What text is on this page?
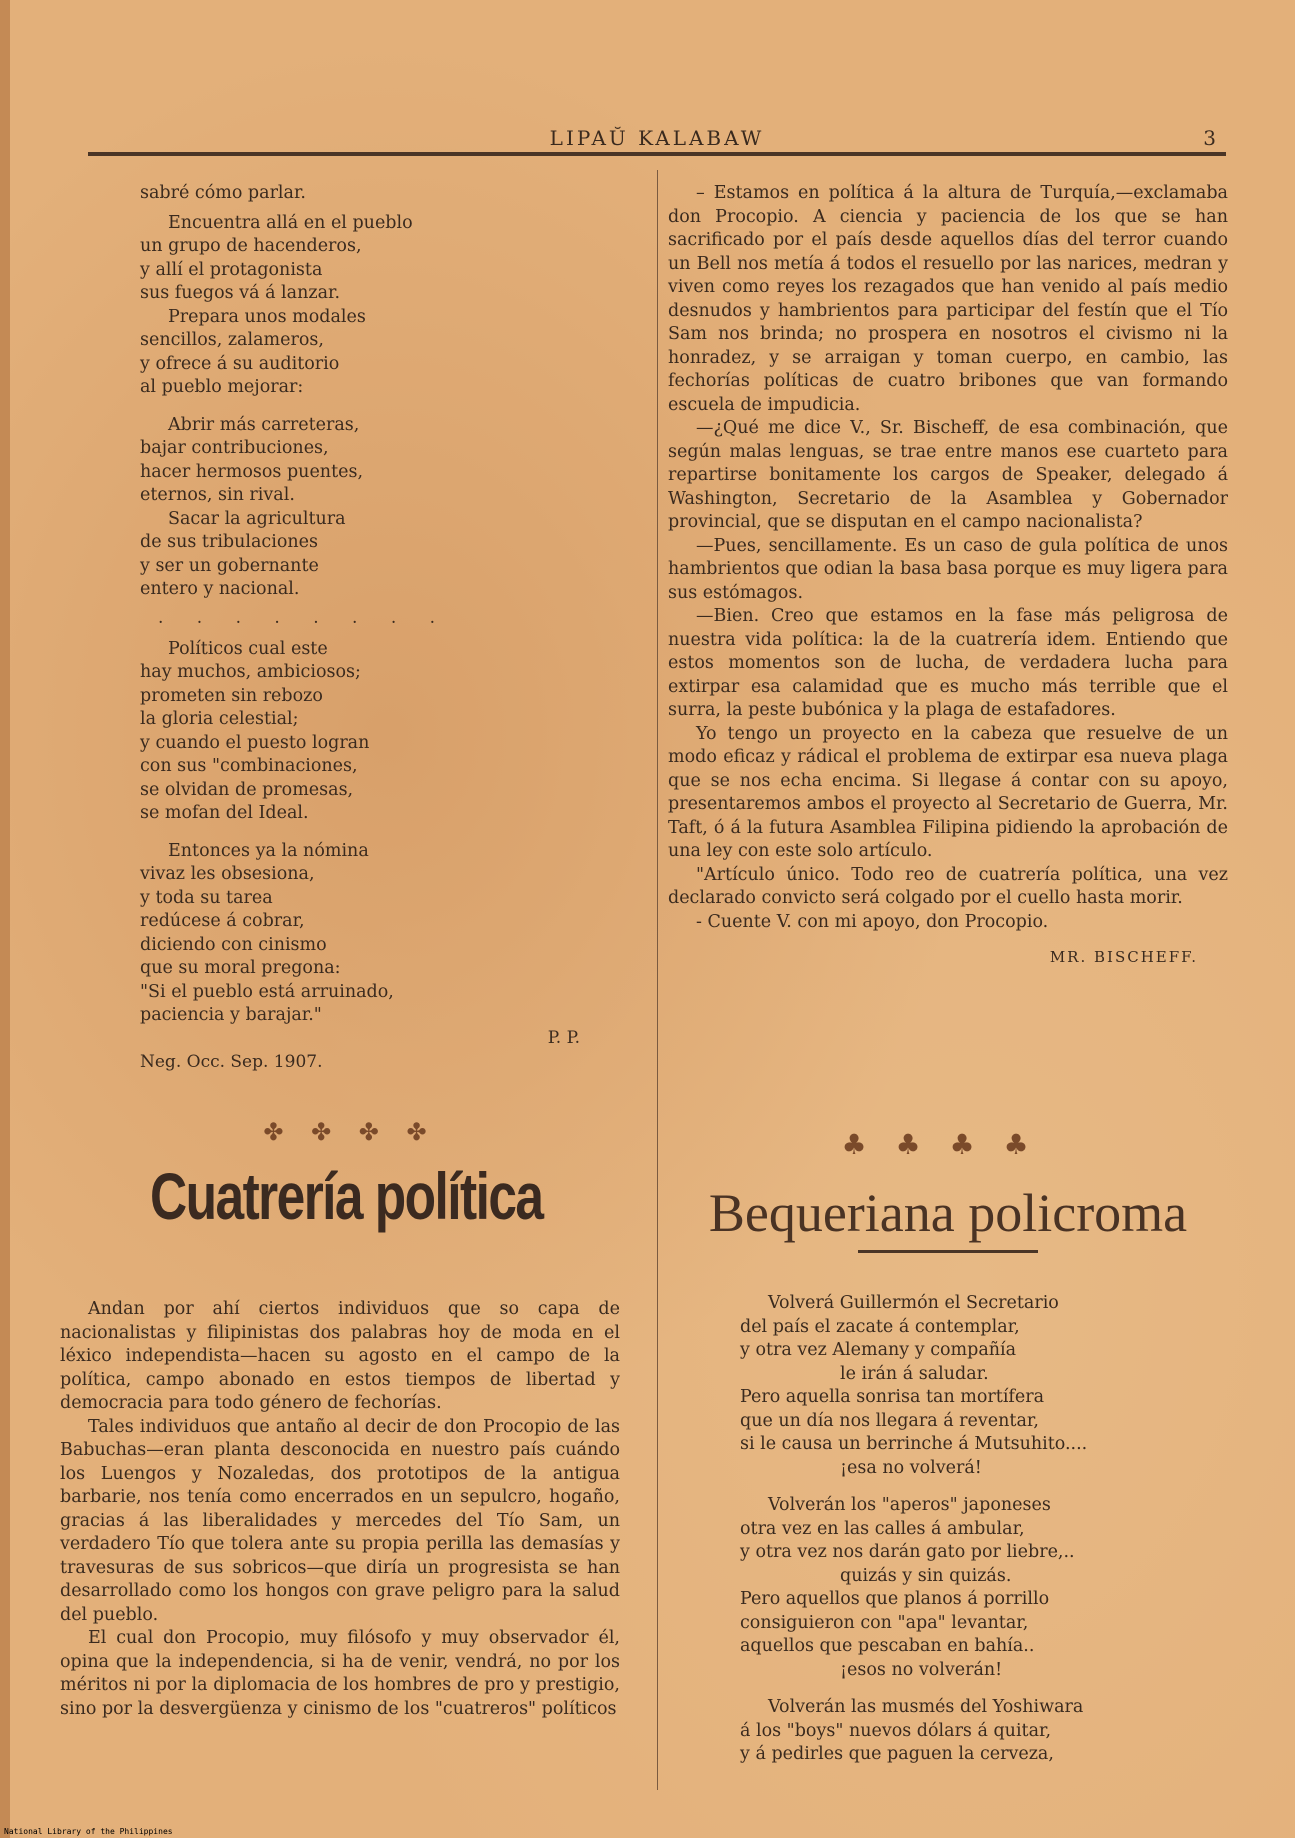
LIPAŬ KALABAW	3

sabré cómo parlar.

Encuentra allá en el pueblo

un grupo de hacenderos,

y allí el protagonista

sus fuegos vá á lanzar.

Prepara unos modales

sencillos, zalameros,

y ofrece á su auditorio

al pueblo mejorar:

Abrir más carreteras,

bajar contribuciones,

hacer hermosos puentes,

eternos, sin rival.

Sacar la agricultura

de sus tribulaciones

y ser un gobernante

entero y nacional.

. . . . . . . .

Políticos cual este

hay muchos, ambiciosos;

prometen sin rebozo

la gloria celestial;

y cuando el puesto logran

con sus "combinaciones,

se olvidan de promesas,

se mofan del Ideal.

Entonces ya la nómina

vivaz les obsesiona,

y toda su tarea

redúcese á cobrar,

diciendo con cinismo

que su moral pregona:

"Si el pueblo está arruinado,

paciencia y barajar."

P. P.
Neg. Occ. Sep. 1907.
✤ ✤ ✤ ✤
Cuatrería política

Andan por ahí ciertos individuos que so capa de nacionalistas y filipinistas dos palabras hoy de moda en el léxico independista—hacen su agosto en el campo de la política, campo abonado en estos tiempos de libertad y democracia para todo género de fechorías.

Tales individuos que antaño al decir de don Procopio de las Babuchas—eran planta desconocida en nuestro país cuándo los Luengos y Nozaledas, dos prototipos de la antigua barbarie, nos tenía como encerrados en un sepulcro, hogaño, gracias á las liberalidades y mercedes del Tío Sam, un verdadero Tío que tolera ante su propia perilla las demasías y travesuras de sus sobricos—que diría un progresista se han desarrollado como los hongos con grave peligro para la salud del pueblo.

El cual don Procopio, muy filósofo y muy observador él, opina que la independencia, si ha de venir, vendrá, no por los méritos ni por la diplomacia de los hombres de pro y prestigio, sino por la desvergüenza y cinismo de los "cuatreros" políticos

– Estamos en política á la altura de Turquía,—exclamaba don Procopio. A ciencia y paciencia de los que se han sacrificado por el país desde aquellos días del terror cuando un Bell nos metía á todos el resuello por las narices, medran y viven como reyes los rezagados que han venido al país medio desnudos y hambrientos para participar del festín que el Tío Sam nos brinda; no prospera en nosotros el civismo ni la honradez, y se arraigan y toman cuerpo, en cambio, las fechorías políticas de cuatro bribones que van formando escuela de impudicia.

—¿Qué me dice V., Sr. Bischeff, de esa combinación, que según malas lenguas, se trae entre manos ese cuarteto para repartirse bonitamente los cargos de Speaker, delegado á Washington, Secretario de la Asamblea y Gobernador provincial, que se disputan en el campo nacionalista?

—Pues, sencillamente. Es un caso de gula política de unos hambrientos que odian la basa basa porque es muy ligera para sus estómagos.

—Bien. Creo que estamos en la fase más peligrosa de nuestra vida política: la de la cuatrería idem. Entiendo que estos momentos son de lucha, de verdadera lucha para extirpar esa calamidad que es mucho más terrible que el surra, la peste bubónica y la plaga de estafadores.

Yo tengo un proyecto en la cabeza que resuelve de un modo eficaz y rádical el problema de extirpar esa nueva plaga que se nos echa encima. Si llegase á contar con su apoyo, presentaremos ambos el proyecto al Secretario de Guerra, Mr. Taft, ó á la futura Asamblea Filipina pidiendo la aprobación de una ley con este solo artículo.

"Artículo único. Todo reo de cuatrería política, una vez declarado convicto será colgado por el cuello hasta morir.

- Cuente V. con mi apoyo, don Procopio.

MR. BISCHEFF.
♣ ♣ ♣ ♣
Bequeriana policroma

Volverá Guillermón el Secretario

del país el zacate á contemplar,

y otra vez Alemany y compañía

le irán á saludar.

Pero aquella sonrisa tan mortífera

que un día nos llegara á reventar,

si le causa un berrinche á Mutsuhito....

¡esa no volverá!

Volverán los "aperos" japoneses

otra vez en las calles á ambular,

y otra vez nos darán gato por liebre,..

quizás y sin quizás.

Pero aquellos que planos á porrillo

consiguieron con "apa" levantar,

aquellos que pescaban en bahía..

¡esos no volverán!

Volverán las musmés del Yoshiwara

á los "boys" nuevos dólars á quitar,

y á pedirles que paguen la cerveza,

National Library of the Philippines
